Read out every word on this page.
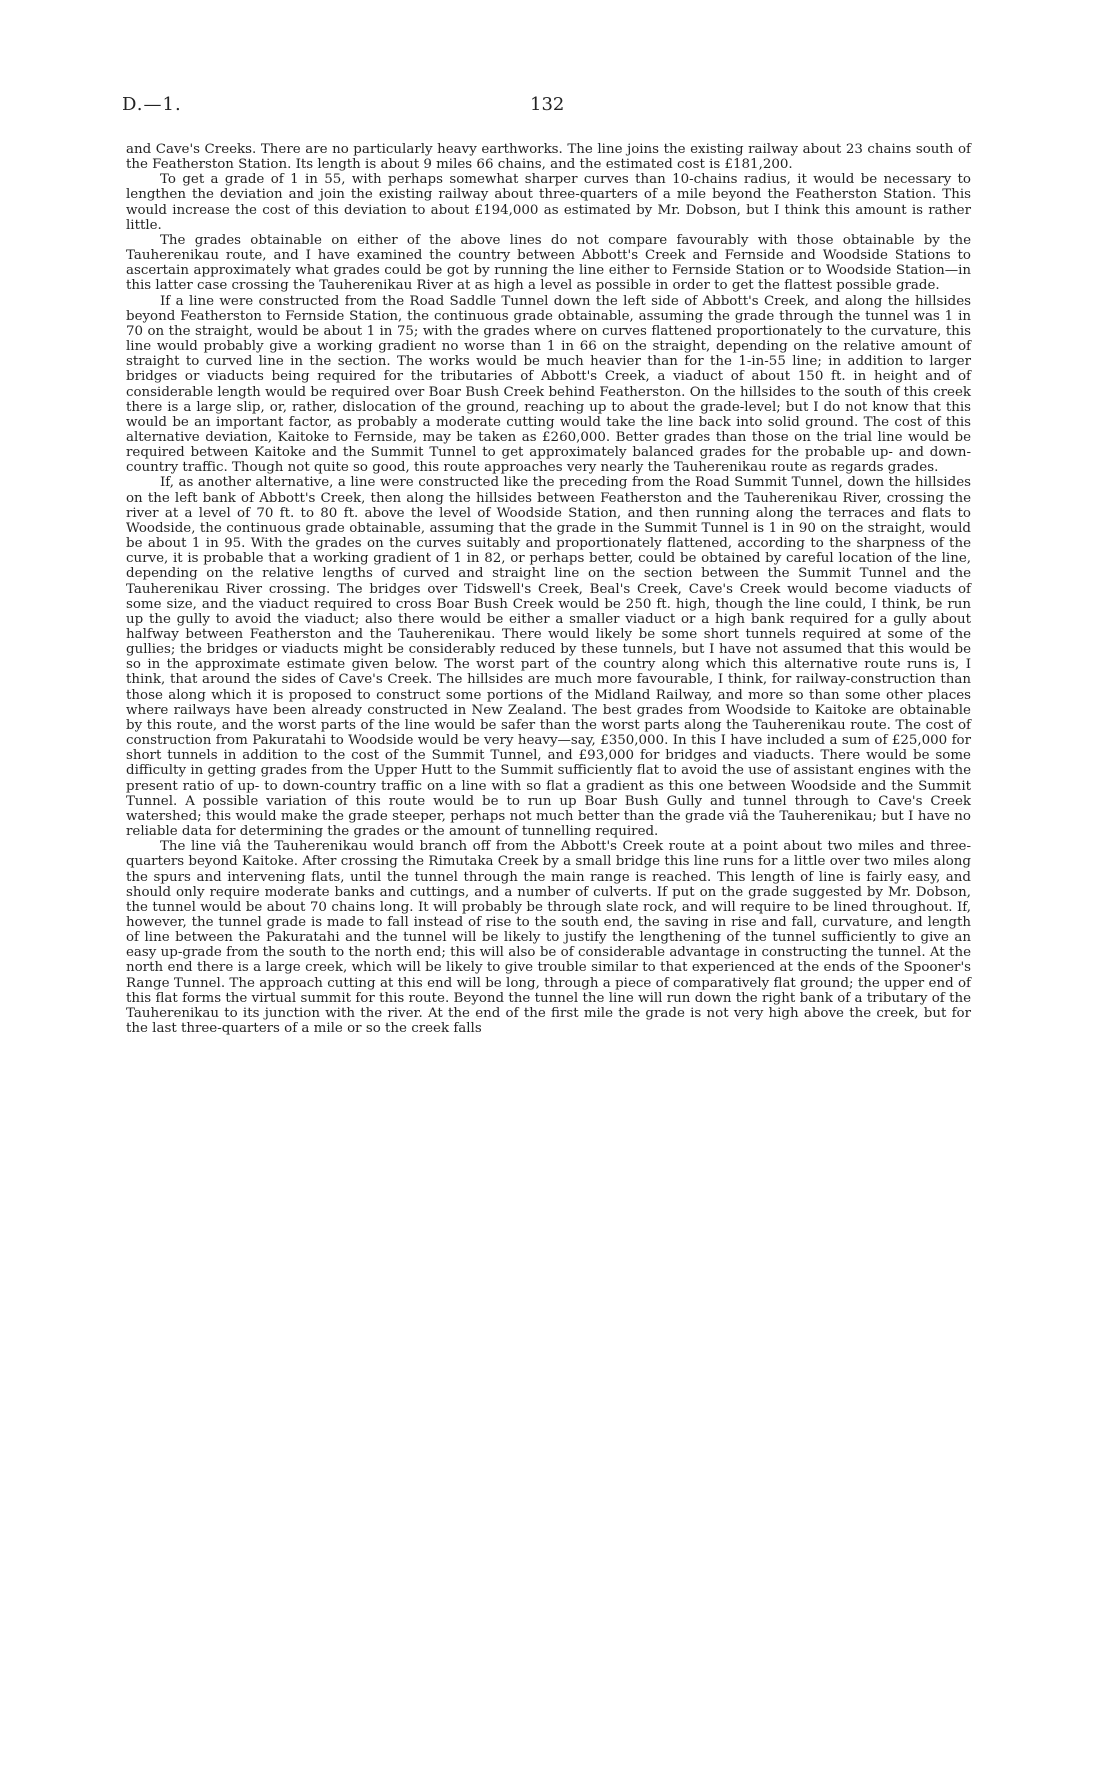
D.—1.	132

and Cave's Creeks. There are no particularly heavy earthworks. The line joins the existing railway about 23 chains south of the Featherston Station. Its length is about 9 miles 66 chains, and the estimated cost is £181,200.

To get a grade of 1 in 55, with perhaps somewhat sharper curves than 10-chains radius, it would be necessary to lengthen the deviation and join the existing railway about three-quarters of a mile beyond the Featherston Station. This would increase the cost of this deviation to about £194,000 as estimated by Mr. Dobson, but I think this amount is rather little.

The grades obtainable on either of the above lines do not compare favourably with those obtainable by the Tauherenikau route, and I have examined the country between Abbott's Creek and Fernside and Woodside Stations to ascertain approximately what grades could be got by running the line either to Fernside Station or to Woodside Station—in this latter case crossing the Tauherenikau River at as high a level as possible in order to get the flattest possible grade.

If a line were constructed from the Road Saddle Tunnel down the left side of Abbott's Creek, and along the hillsides beyond Featherston to Fernside Station, the continuous grade obtainable, assuming the grade through the tunnel was 1 in 70 on the straight, would be about 1 in 75; with the grades where on curves flattened proportionately to the curvature, this line would probably give a working gradient no worse than 1 in 66 on the straight, depending on the relative amount of straight to curved line in the section. The works would be much heavier than for the 1-in-55 line; in addition to larger bridges or viaducts being required for the tributaries of Abbott's Creek, a viaduct of about 150 ft. in height and of considerable length would be required over Boar Bush Creek behind Featherston. On the hillsides to the south of this creek there is a large slip, or, rather, dislocation of the ground, reaching up to about the grade-level; but I do not know that this would be an important factor, as probably a moderate cutting would take the line back into solid ground. The cost of this alternative deviation, Kaitoke to Fernside, may be taken as £260,000. Better grades than those on the trial line would be required between Kaitoke and the Summit Tunnel to get approximately balanced grades for the probable up- and down-country traffic. Though not quite so good, this route approaches very nearly the Tauherenikau route as regards grades.

If, as another alternative, a line were constructed like the preceding from the Road Summit Tunnel, down the hillsides on the left bank of Abbott's Creek, then along the hillsides between Featherston and the Tauherenikau River, crossing the river at a level of 70 ft. to 80 ft. above the level of Woodside Station, and then running along the terraces and flats to Woodside, the continuous grade obtainable, assuming that the grade in the Summit Tunnel is 1 in 90 on the straight, would be about 1 in 95. With the grades on the curves suitably and proportionately flattened, according to the sharpness of the curve, it is probable that a working gradient of 1 in 82, or perhaps better, could be obtained by careful location of the line, depending on the relative lengths of curved and straight line on the section between the Summit Tunnel and the Tauherenikau River crossing. The bridges over Tidswell's Creek, Beal's Creek, Cave's Creek would become viaducts of some size, and the viaduct required to cross Boar Bush Creek would be 250 ft. high, though the line could, I think, be run up the gully to avoid the viaduct; also there would be either a smaller viaduct or a high bank required for a gully about halfway between Featherston and the Tauherenikau. There would likely be some short tunnels required at some of the gullies; the bridges or viaducts might be considerably reduced by these tunnels, but I have not assumed that this would be so in the approximate estimate given below. The worst part of the country along which this alternative route runs is, I think, that around the sides of Cave's Creek. The hillsides are much more favourable, I think, for railway-construction than those along which it is proposed to construct some portions of the Midland Railway, and more so than some other places where railways have been already constructed in New Zealand. The best grades from Woodside to Kaitoke are obtainable by this route, and the worst parts of the line would be safer than the worst parts along the Tauherenikau route. The cost of construction from Pakuratahi to Woodside would be very heavy—say, £350,000. In this I have included a sum of £25,000 for short tunnels in addition to the cost of the Summit Tunnel, and £93,000 for bridges and viaducts. There would be some difficulty in getting grades from the Upper Hutt to the Summit sufficiently flat to avoid the use of assistant engines with the present ratio of up- to down-country traffic on a line with so flat a gradient as this one between Woodside and the Summit Tunnel. A possible variation of this route would be to run up Boar Bush Gully and tunnel through to Cave's Creek watershed; this would make the grade steeper, perhaps not much better than the grade viâ the Tauherenikau; but I have no reliable data for determining the grades or the amount of tunnelling required.

The line viâ the Tauherenikau would branch off from the Abbott's Creek route at a point about two miles and three-quarters beyond Kaitoke. After crossing the Rimutaka Creek by a small bridge this line runs for a little over two miles along the spurs and intervening flats, until the tunnel through the main range is reached. This length of line is fairly easy, and should only require moderate banks and cuttings, and a number of culverts. If put on the grade suggested by Mr. Dobson, the tunnel would be about 70 chains long. It will probably be through slate rock, and will require to be lined throughout. If, however, the tunnel grade is made to fall instead of rise to the south end, the saving in rise and fall, curvature, and length of line between the Pakuratahi and the tunnel will be likely to justify the lengthening of the tunnel sufficiently to give an easy up-grade from the south to the north end; this will also be of considerable advantage in constructing the tunnel. At the north end there is a large creek, which will be likely to give trouble similar to that experienced at the ends of the Spooner's Range Tunnel. The approach cutting at this end will be long, through a piece of comparatively flat ground; the upper end of this flat forms the virtual summit for this route. Beyond the tunnel the line will run down the right bank of a tributary of the Tauherenikau to its junction with the river. At the end of the first mile the grade is not very high above the creek, but for the last three-quarters of a mile or so the creek falls
